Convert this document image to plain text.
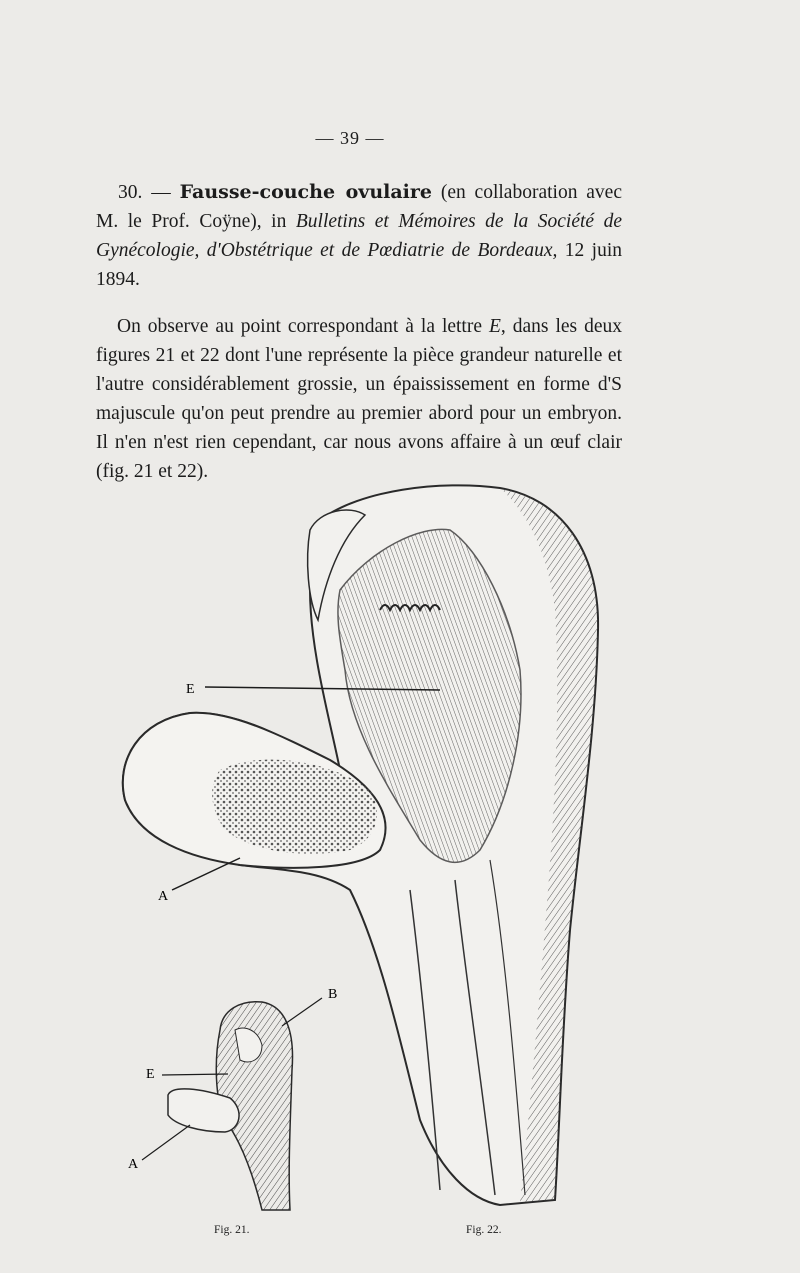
— 39 —
30. — Fausse-couche ovulaire (en collaboration avec M. le Prof. Coÿne), in Bulletins et Mémoires de la Société de Gynécologie, d'Obstétrique et de Pœdiatrie de Bordeaux, 12 juin 1894.
On observe au point correspondant à la lettre E, dans les deux figures 21 et 22 dont l'une représente la pièce grandeur naturelle et l'autre considérablement grossie, un épaississement en forme d'S majuscule qu'on peut prendre au premier abord pour un embryon. Il n'en n'est rien cependant, car nous avons affaire à un œuf clair (fig. 21 et 22).
E
A
B
E
A
Fig. 21.	Fig. 22.
